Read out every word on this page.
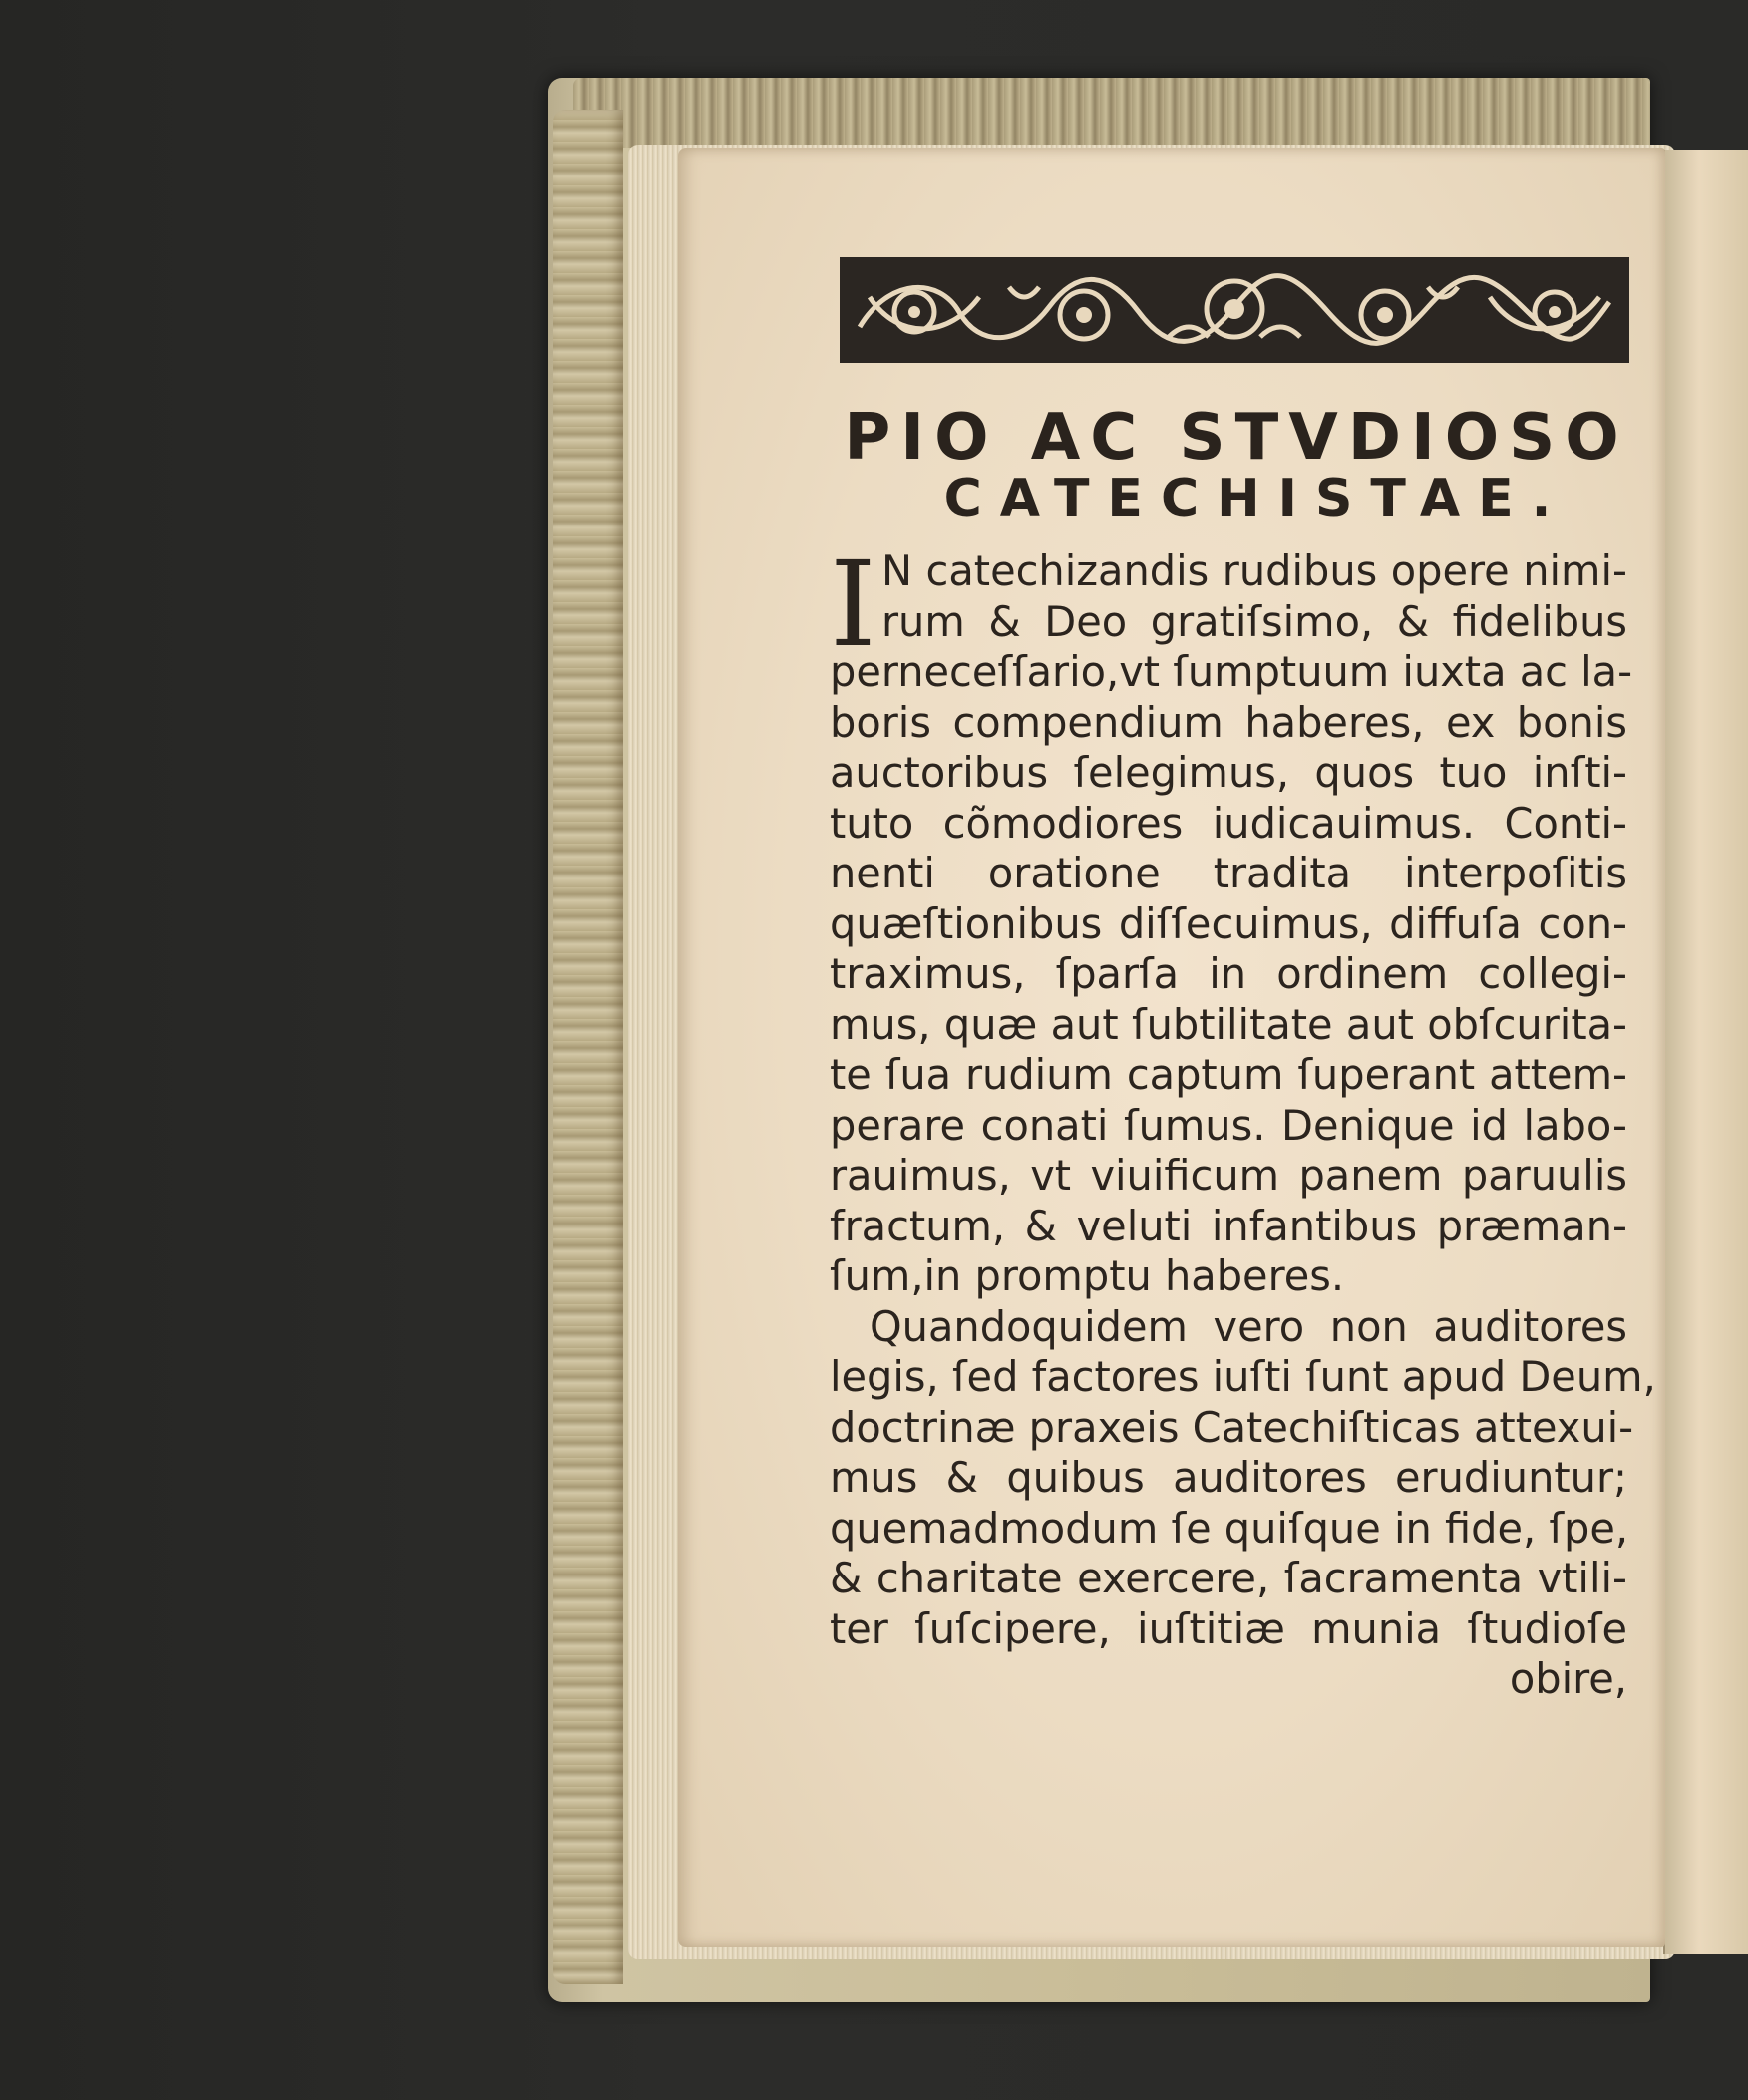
PIO AC STVDIOSO
CATECHISTAE.
I N catechizandis rudibus opere nimi-
rum & Deo gratiſsimo, & fidelibus
perneceſſario,vt ſumptuum iuxta ac la-
boris compendium haberes, ex bonis
auctoribus ſelegimus, quos tuo inſti-
tuto cõmodiores iudicauimus. Conti-
nenti oratione tradita interpoſitis
quæſtionibus diſſecuimus, diffuſa con-
traximus, ſparſa in ordinem collegi-
mus, quæ aut ſubtilitate aut obſcurita-
te ſua rudium captum ſuperant attem-
perare conati ſumus. Denique id labo-
rauimus, vt viuificum panem paruulis
fractum, & veluti infantibus præman-
ſum,in promptu haberes.
Quandoquidem vero non auditores
legis, ſed factores iuſti ſunt apud Deum,
doctrinæ praxeis Catechiſticas attexui-
mus & quibus auditores erudiuntur;
quemadmodum ſe quiſque in fide, ſpe,
& charitate exercere, ſacramenta vtili-
ter ſuſcipere, iuſtitiæ munia ſtudioſe
obire,
